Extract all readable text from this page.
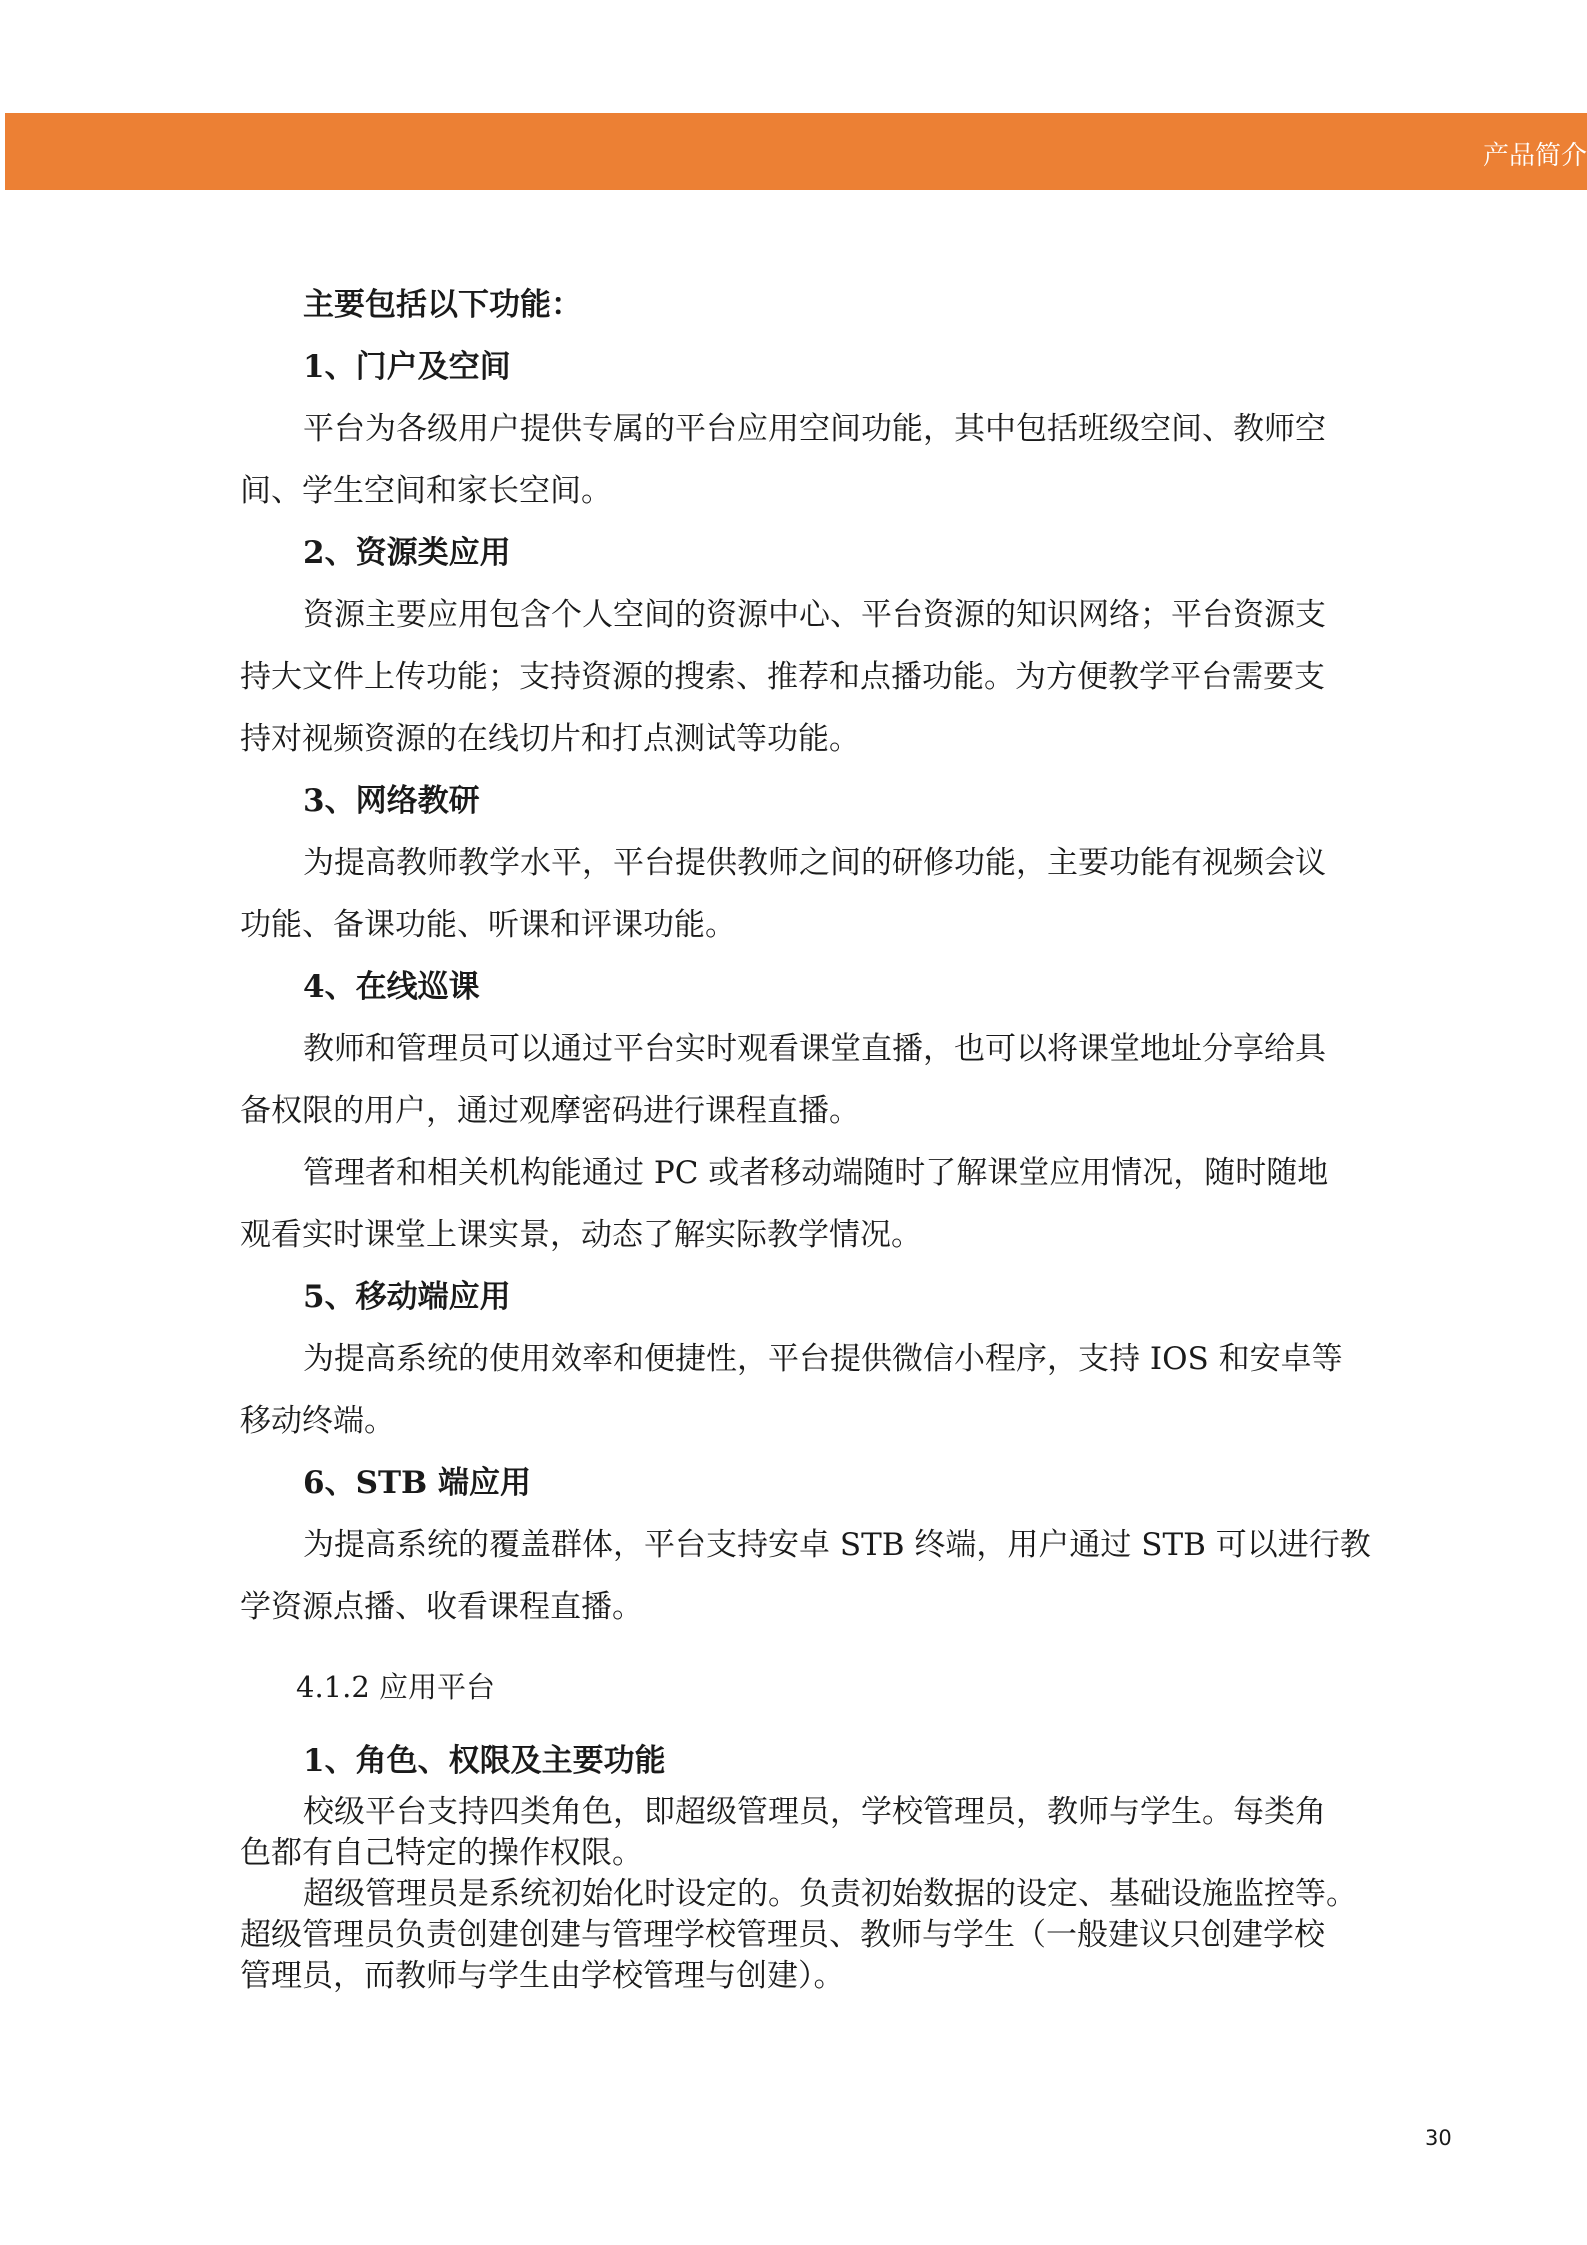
产品简介

主要包括以下功能：

1、门户及空间

平台为各级用户提供专属的平台应用空间功能，其中包括班级空间、教师空

间、学生空间和家长空间。

2、资源类应用

资源主要应用包含个人空间的资源中心、平台资源的知识网络；平台资源支

持大文件上传功能；支持资源的搜索、推荐和点播功能。为方便教学平台需要支

持对视频资源的在线切片和打点测试等功能。

3、网络教研

为提高教师教学水平，平台提供教师之间的研修功能，主要功能有视频会议

功能、备课功能、听课和评课功能。

4、在线巡课

教师和管理员可以通过平台实时观看课堂直播，也可以将课堂地址分享给具

备权限的用户，通过观摩密码进行课程直播。

管理者和相关机构能通过 PC 或者移动端随时了解课堂应用情况，随时随地

观看实时课堂上课实景，动态了解实际教学情况。

5、移动端应用

为提高系统的使用效率和便捷性，平台提供微信小程序，支持 IOS 和安卓等

移动终端。

6、STB 端应用

为提高系统的覆盖群体，平台支持安卓 STB 终端，用户通过 STB 可以进行教

学资源点播、收看课程直播。

4.1.2 应用平台

1、角色、权限及主要功能

校级平台支持四类角色，即超级管理员，学校管理员，教师与学生。每类角

色都有自己特定的操作权限。

超级管理员是系统初始化时设定的。负责初始数据的设定、基础设施监控等。

超级管理员负责创建创建与管理学校管理员、教师与学生（一般建议只创建学校

管理员，而教师与学生由学校管理与创建）。

30
